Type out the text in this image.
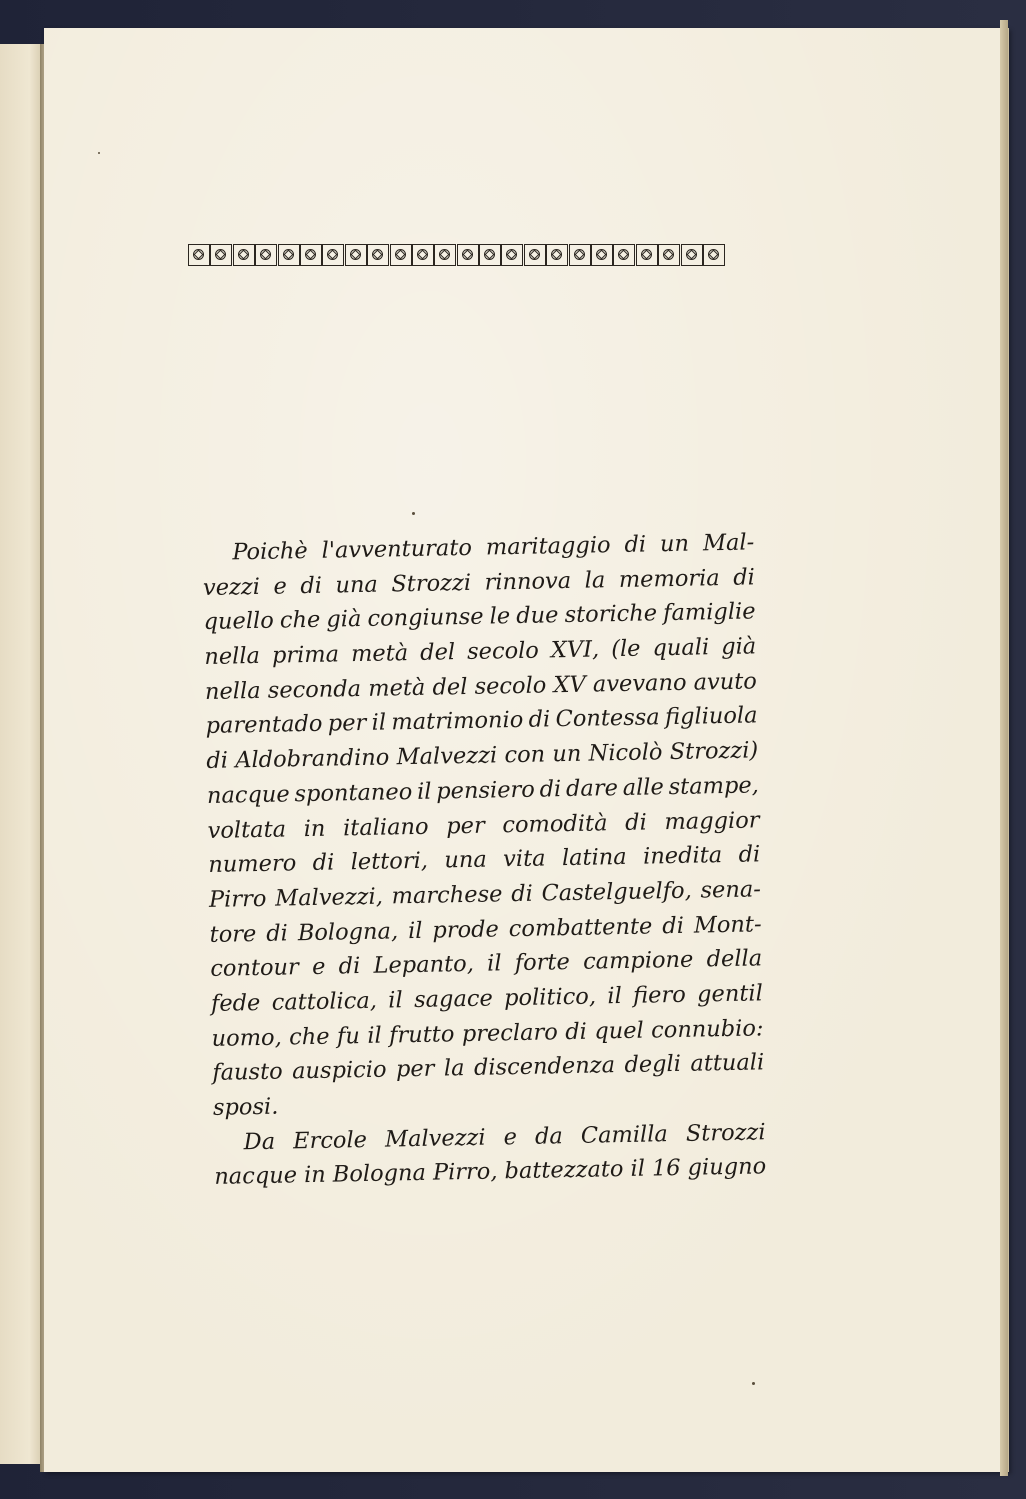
Poichè l'avventurato maritaggio di un Mal-
vezzi e di una Strozzi rinnova la memoria di
quello che già congiunse le due storiche famiglie
nella prima metà del secolo XVI, (le quali già
nella seconda metà del secolo XV avevano avuto
parentado per il matrimonio di Contessa figliuola
di Aldobrandino Malvezzi con un Nicolò Strozzi)
nacque spontaneo il pensiero di dare alle stampe,
voltata in italiano per comodità di maggior
numero di lettori, una vita latina inedita di
Pirro Malvezzi, marchese di Castelguelfo, sena-
tore di Bologna, il prode combattente di Mont-
contour e di Lepanto, il forte campione della
fede cattolica, il sagace politico, il fiero gentil
uomo, che fu il frutto preclaro di quel connubio:
fausto auspicio per la discendenza degli attuali
sposi.
Da Ercole Malvezzi e da Camilla Strozzi
nacque in Bologna Pirro, battezzato il 16 giugno
